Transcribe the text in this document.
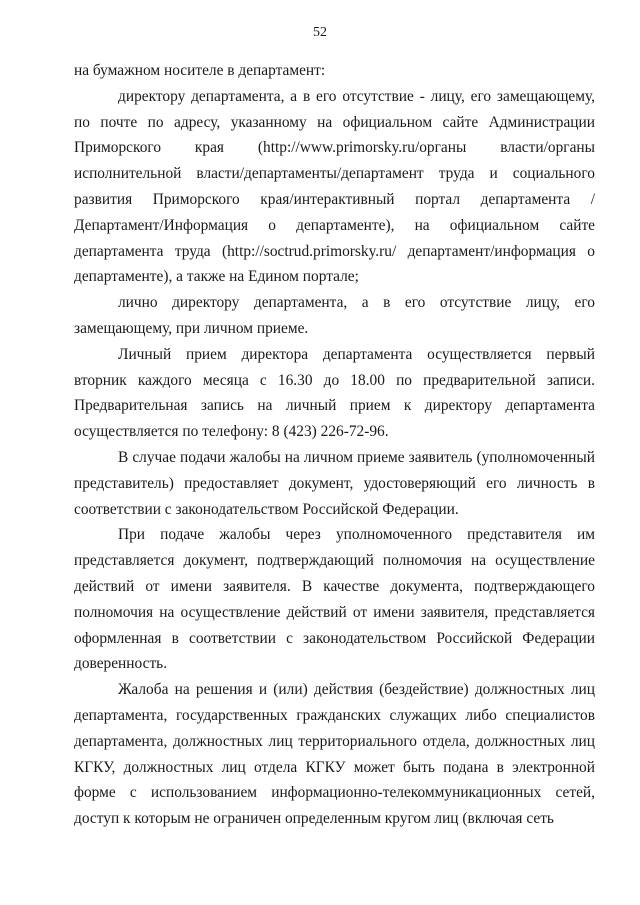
52

на бумажном носителе в департамент:

директору департамента, а в его отсутствие - лицу, его замещающему, по почте по адресу, указанному на официальном сайте Администрации Приморского края (http://www.primorsky.ru/органы власти/органы исполнительной власти/департаменты/департамент труда и социального развития Приморского края/интерактивный портал департамента /Департамент/Информация о департаменте), на официальном сайте департамента труда (http://soctrud.primorsky.ru/ департамент/информация о департаменте), а также на Едином портале;

лично директору департамента, а в его отсутствие лицу, его замещающему, при личном приеме.

Личный прием директора департамента осуществляется первый вторник каждого месяца с 16.30 до 18.00 по предварительной записи. Предварительная запись на личный прием к директору департамента осуществляется по телефону: 8 (423) 226-72-96.

В случае подачи жалобы на личном приеме заявитель (уполномоченный представитель) предоставляет документ, удостоверяющий его личность в соответствии с законодательством Российской Федерации.

При подаче жалобы через уполномоченного представителя им представляется документ, подтверждающий полномочия на осуществление действий от имени заявителя. В качестве документа, подтверждающего полномочия на осуществление действий от имени заявителя, представляется оформленная в соответствии с законодательством Российской Федерации доверенность.

Жалоба на решения и (или) действия (бездействие) должностных лиц департамента, государственных гражданских служащих либо специалистов департамента, должностных лиц территориального отдела, должностных лиц КГКУ, должностных лиц отдела КГКУ может быть подана в электронной форме с использованием информационно-телекоммуникационных сетей, доступ к которым не ограничен определенным кругом лиц (включая сеть
